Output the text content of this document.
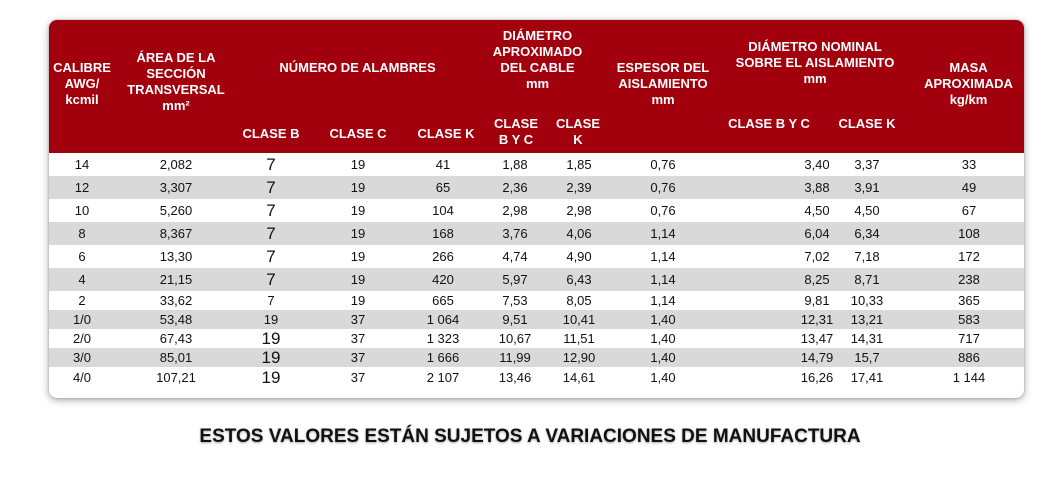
CALIBRE
AWG/
kcmil
ÁREA DE LA
SECCIÓN
TRANSVERSAL
mm²
NÚMERO DE ALAMBRES
CLASE B	CLASE C	CLASE K
DIÁMETRO
APROXIMADO
DEL CABLE
mm
CLASE
B Y C
CLASE
K
ESPESOR DEL
AISLAMIENTO
mm
DIÁMETRO NOMINAL
SOBRE EL AISLAMIENTO
mm
CLASE B Y C	CLASE K
MASA
APROXIMADA
kg/km
14	2,082	7	19	41	1,88	1,85	0,76	3,40	3,37	33
12	3,307	7	19	65	2,36	2,39	0,76	3,88	3,91	49
10	5,260	7	19	104	2,98	2,98	0,76	4,50	4,50	67
8	8,367	7	19	168	3,76	4,06	1,14	6,04	6,34	108
6	13,30	7	19	266	4,74	4,90	1,14	7,02	7,18	172
4	21,15	7	19	420	5,97	6,43	1,14	8,25	8,71	238
2	33,62	7	19	665	7,53	8,05	1,14	9,81	10,33	365
1/0	53,48	19	37	1 064	9,51	10,41	1,40	12,31	13,21	583
2/0	67,43	19	37	1 323	10,67	11,51	1,40	13,47	14,31	717
3/0	85,01	19	37	1 666	11,99	12,90	1,40	14,79	15,7	886
4/0	107,21	19	37	2 107	13,46	14,61	1,40	16,26	17,41	1 144
ESTOS VALORES ESTÁN SUJETOS A VARIACIONES DE MANUFACTURA
